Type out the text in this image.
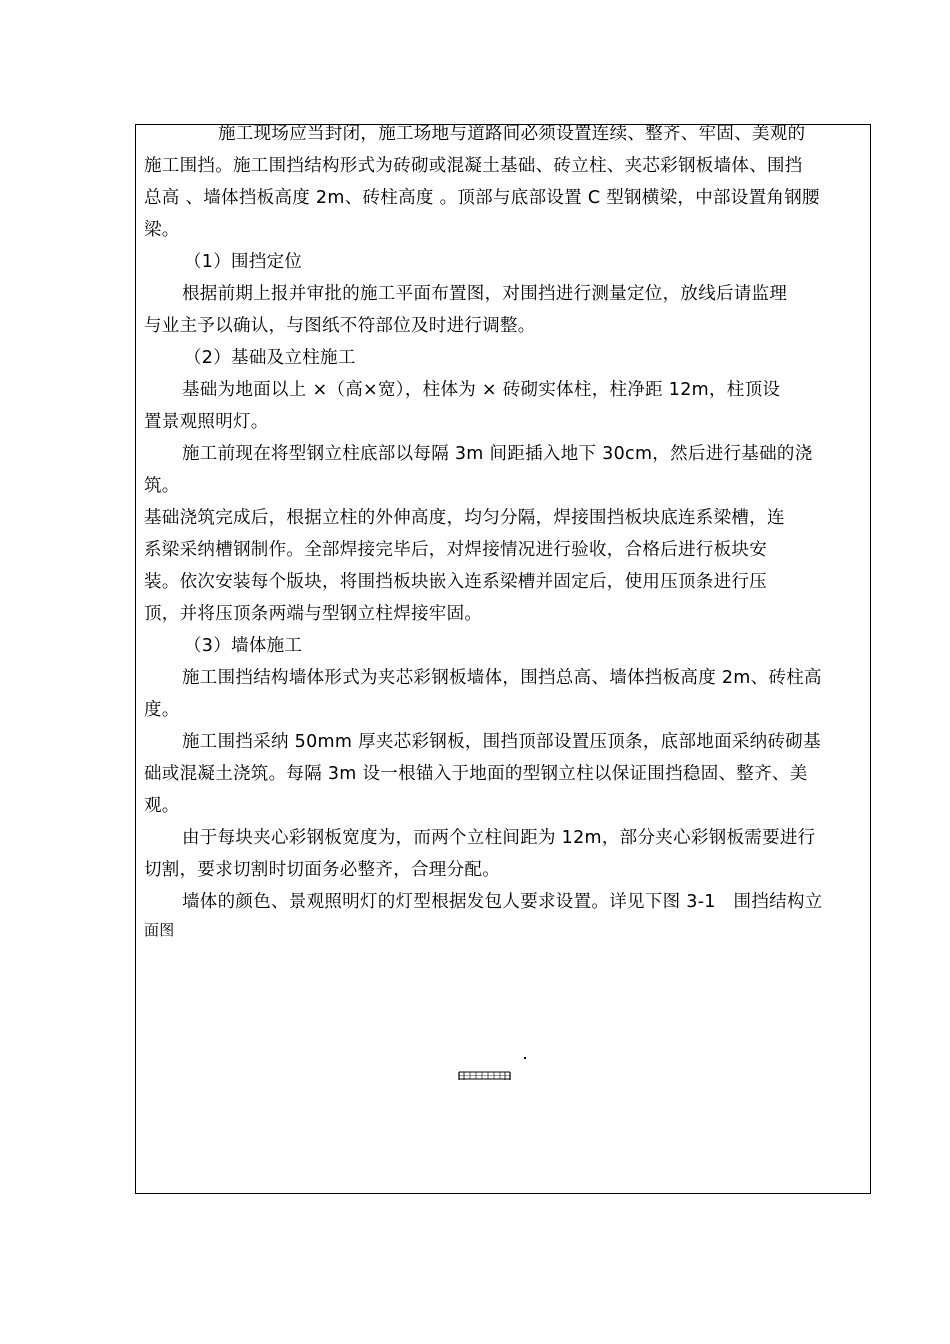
施工现场应当封闭，施工场地与道路间必须设置连续、整齐、牢固、美观的
施工围挡。施工围挡结构形式为砖砌或混凝土基础、砖立柱、夹芯彩钢板墙体、围挡
总高 、墙体挡板高度 2m、砖柱高度 。顶部与底部设置 C 型钢横梁，中部设置角钢腰
梁。
（1）围挡定位
根据前期上报并审批的施工平面布置图，对围挡进行测量定位，放线后请监理
与业主予以确认，与图纸不符部位及时进行调整。
（2）基础及立柱施工
基础为地面以上 ×（高×宽），柱体为 × 砖砌实体柱，柱净距 12m，柱顶设
置景观照明灯。
施工前现在将型钢立柱底部以每隔 3m 间距插入地下 30cm，然后进行基础的浇
筑。
基础浇筑完成后，根据立柱的外伸高度，均匀分隔，焊接围挡板块底连系梁槽，连
系梁采纳槽钢制作。全部焊接完毕后，对焊接情况进行验收，合格后进行板块安
装。依次安装每个版块，将围挡板块嵌入连系梁槽并固定后，使用压顶条进行压
顶，并将压顶条两端与型钢立柱焊接牢固。
（3）墙体施工
施工围挡结构墙体形式为夹芯彩钢板墙体，围挡总高、墙体挡板高度 2m、砖柱高
度。
施工围挡采纳 50mm 厚夹芯彩钢板，围挡顶部设置压顶条，底部地面采纳砖砌基
础或混凝土浇筑。每隔 3m 设一根锚入于地面的型钢立柱以保证围挡稳固、整齐、美
观。
由于每块夹心彩钢板宽度为，而两个立柱间距为 12m，部分夹心彩钢板需要进行
切割，要求切割时切面务必整齐，合理分配。
墙体的颜色、景观照明灯的灯型根据发包人要求设置。详见下图 3-1　围挡结构立
面图
